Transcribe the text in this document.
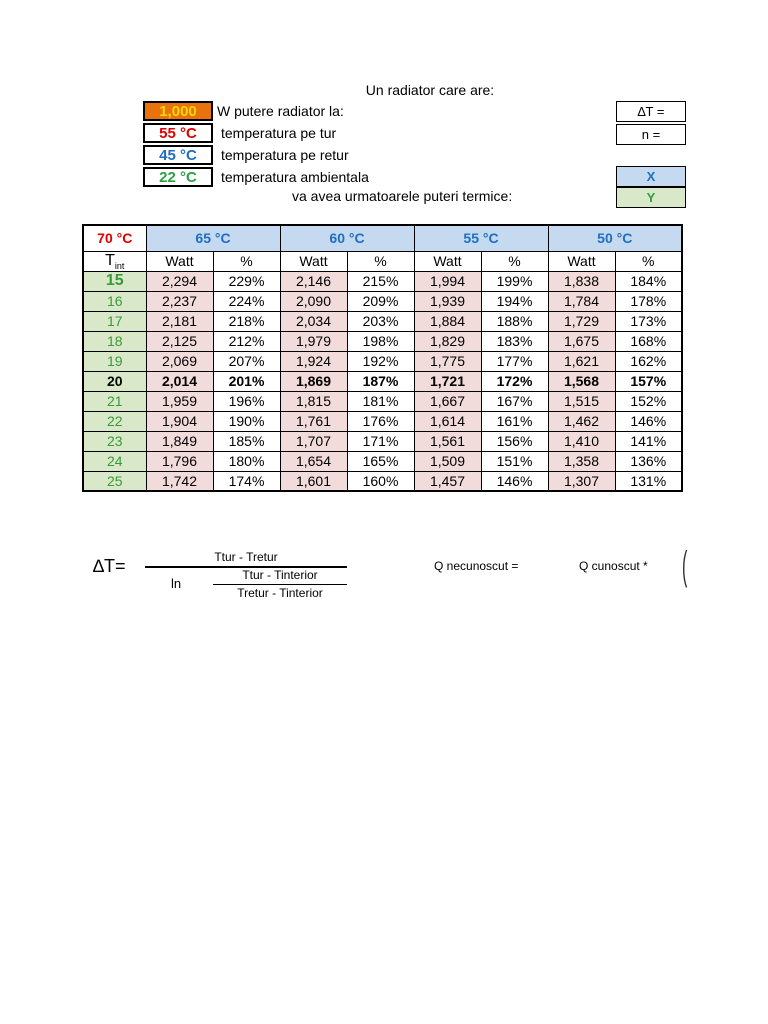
Un radiator care are:
1,000	W putere radiator la:
55 °C	temperatura pe tur
45 °C	temperatura pe retur
22 °C	temperatura ambientala
va avea urmatoarele puteri termice:
∆T =
n =
X
Y
70 °C	65 °C		60 °C		55 °C		50 °C	
$T_{int}$	Watt	%	Watt	%	Watt	%	Watt	%
15	2,294	229%	2,146	215%	1,994	199%	1,838	184%
16	2,237	224%	2,090	209%	1,939	194%	1,784	178%
17	2,181	218%	2,034	203%	1,884	188%	1,729	173%
18	2,125	212%	1,979	198%	1,829	183%	1,675	168%
19	2,069	207%	1,924	192%	1,775	177%	1,621	162%
20	2,014	201%	1,869	187%	1,721	172%	1,568	157%
21	1,959	196%	1,815	181%	1,667	167%	1,515	152%
22	1,904	190%	1,761	176%	1,614	161%	1,462	146%
23	1,849	185%	1,707	171%	1,561	156%	1,410	141%
24	1,796	180%	1,654	165%	1,509	151%	1,358	136%
25	1,742	174%	1,601	160%	1,457	146%	1,307	131%
∆T=	Ttur - Tretur
ln
Ttur - Tinterior
Tretur - Tinterior
Q necunoscut =	Q cunoscut * (
